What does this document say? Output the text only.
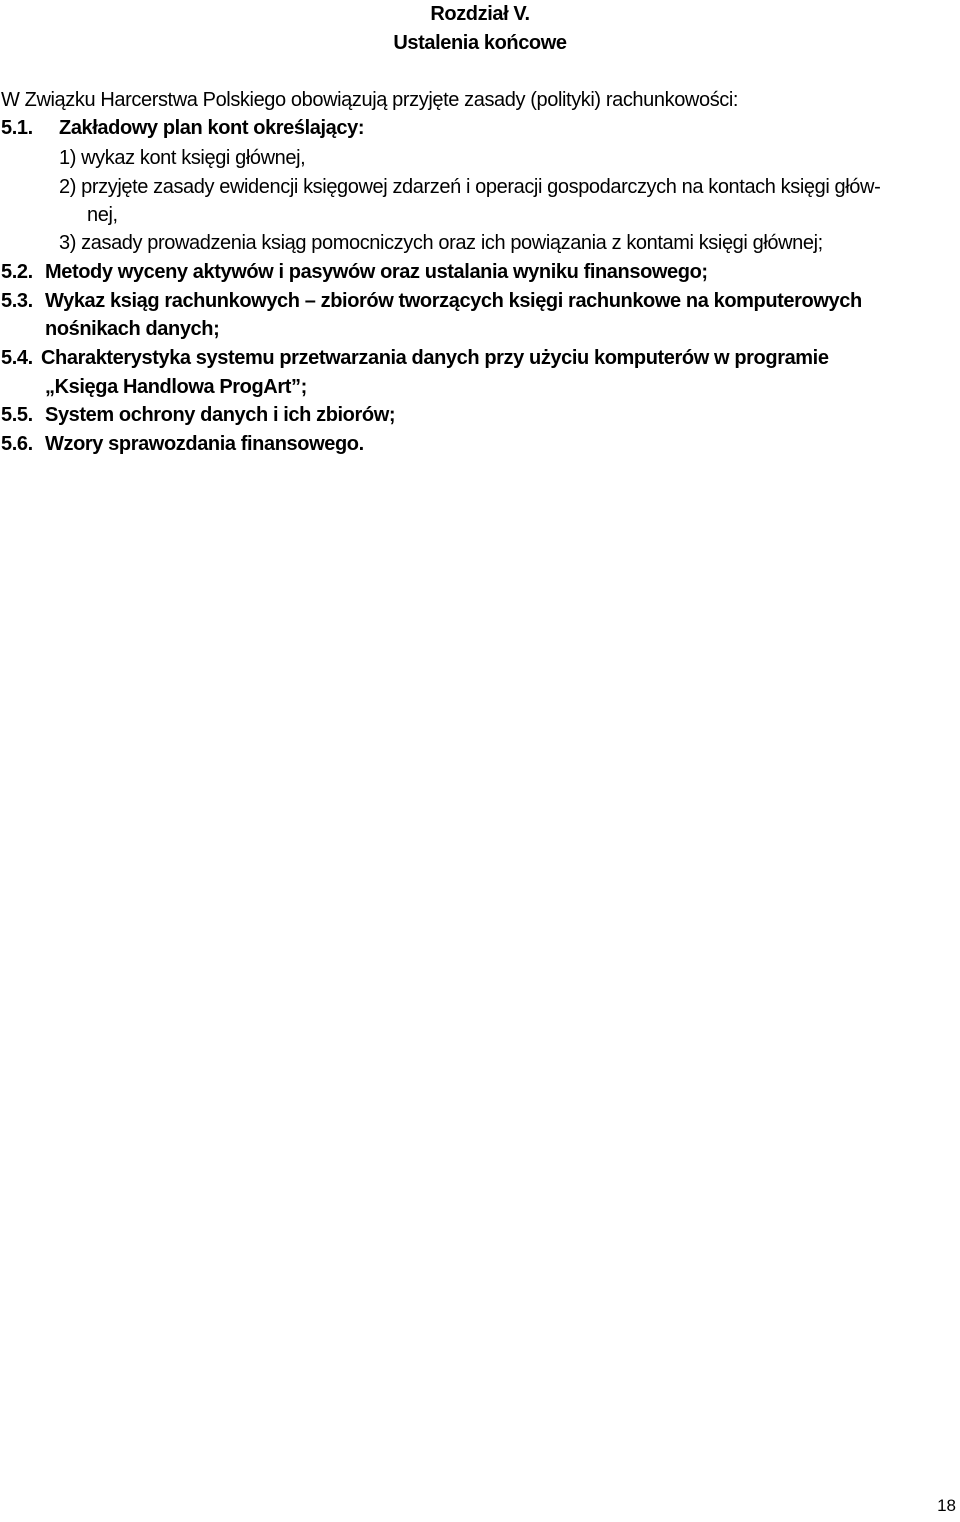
Rozdział V.
Ustalenia końcowe
W Związku Harcerstwa Polskiego obowiązują przyjęte zasady (polityki) rachunkowości:
5.1. Zakładowy plan kont określający:
1) wykaz kont księgi głównej,
2) przyjęte zasady ewidencji księgowej zdarzeń i operacji gospodarczych na kontach księgi głów-
nej,
3) zasady prowadzenia ksiąg pomocniczych oraz ich powiązania z kontami księgi głównej;
5.2. Metody wyceny aktywów i pasywów oraz ustalania wyniku finansowego;
5.3. Wykaz ksiąg rachunkowych – zbiorów tworzących księgi rachunkowe na komputerowych
nośnikach danych;
5.4. Charakterystyka systemu przetwarzania danych przy użyciu komputerów w programie
„Księga Handlowa ProgArt”;
5.5. System ochrony danych i ich zbiorów;
5.6. Wzory sprawozdania finansowego.
18
